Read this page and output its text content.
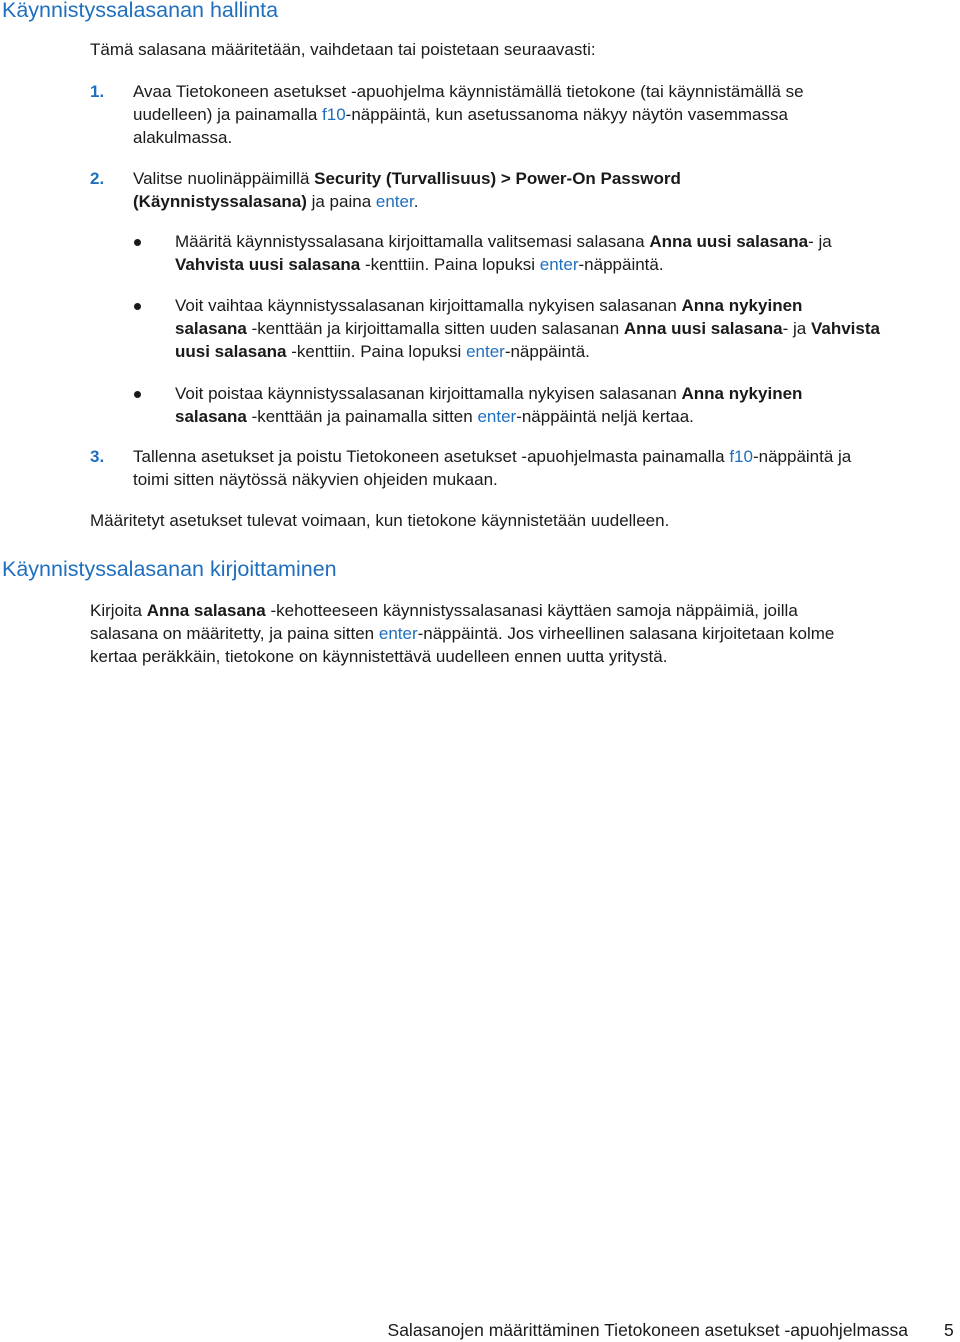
Käynnistyssalasanan hallinta

Tämä salasana määritetään, vaihdetaan tai poistetaan seuraavasti:

1. Avaa Tietokoneen asetukset -apuohjelma käynnistämällä tietokone (tai käynnistämällä se

uudelleen) ja painamalla f10-näppäintä, kun asetussanoma näkyy näytön vasemmassa

alakulmassa.

2. Valitse nuolinäppäimillä Security (Turvallisuus) > Power-On Password

(Käynnistyssalasana) ja paina enter.

Määritä käynnistyssalasana kirjoittamalla valitsemasi salasana Anna uusi salasana- ja

Vahvista uusi salasana -kenttiin. Paina lopuksi enter-näppäintä.

Voit vaihtaa käynnistyssalasanan kirjoittamalla nykyisen salasanan Anna nykyinen

salasana -kenttään ja kirjoittamalla sitten uuden salasanan Anna uusi salasana- ja Vahvista

uusi salasana -kenttiin. Paina lopuksi enter-näppäintä.

Voit poistaa käynnistyssalasanan kirjoittamalla nykyisen salasanan Anna nykyinen

salasana -kenttään ja painamalla sitten enter-näppäintä neljä kertaa.

3. Tallenna asetukset ja poistu Tietokoneen asetukset -apuohjelmasta painamalla f10-näppäintä ja

toimi sitten näytössä näkyvien ohjeiden mukaan.

Määritetyt asetukset tulevat voimaan, kun tietokone käynnistetään uudelleen.

Käynnistyssalasanan kirjoittaminen

Kirjoita Anna salasana -kehotteeseen käynnistyssalasanasi käyttäen samoja näppäimiä, joilla

salasana on määritetty, ja paina sitten enter-näppäintä. Jos virheellinen salasana kirjoitetaan kolme

kertaa peräkkäin, tietokone on käynnistettävä uudelleen ennen uutta yritystä.

Salasanojen määrittäminen Tietokoneen asetukset -apuohjelmassa 5
